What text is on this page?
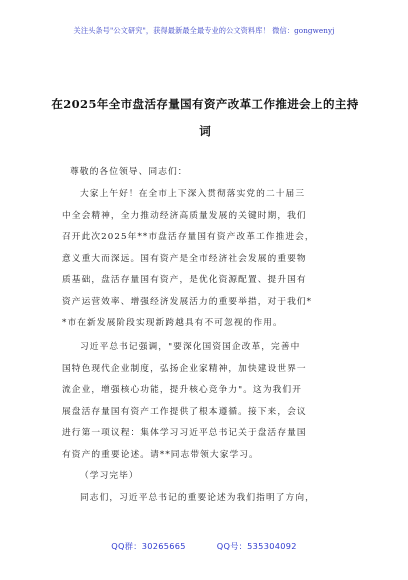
关注头条号"公文研究"，获得最新最全最专业的公文资料库！ 微信：gongwenyj
在2025年全市盘活存量国有资产改革工作推进会上的主持
词
尊敬的各位领导、同志们：
大家上午好！在全市上下深入贯彻落实党的二十届三
中全会精神，全力推动经济高质量发展的关键时期，我们
召开此次2025年**市盘活存量国有资产改革工作推进会，
意义重大而深远。国有资产是全市经济社会发展的重要物
质基础，盘活存量国有资产，是优化资源配置、提升国有
资产运营效率、增强经济发展活力的重要举措，对于我们*
*市在新发展阶段实现新跨越具有不可忽视的作用。
习近平总书记强调，"要深化国资国企改革，完善中
国特色现代企业制度，弘扬企业家精神，加快建设世界一
流企业，增强核心功能，提升核心竞争力"。这为我们开
展盘活存量国有资产工作提供了根本遵循。接下来，会议
进行第一项议程：集体学习习近平总书记关于盘活存量国
有资产的重要论述。请**同志带领大家学习。
（学习完毕）
同志们，习近平总书记的重要论述为我们指明了方向，
QQ群：30265665	QQ号：535304092
